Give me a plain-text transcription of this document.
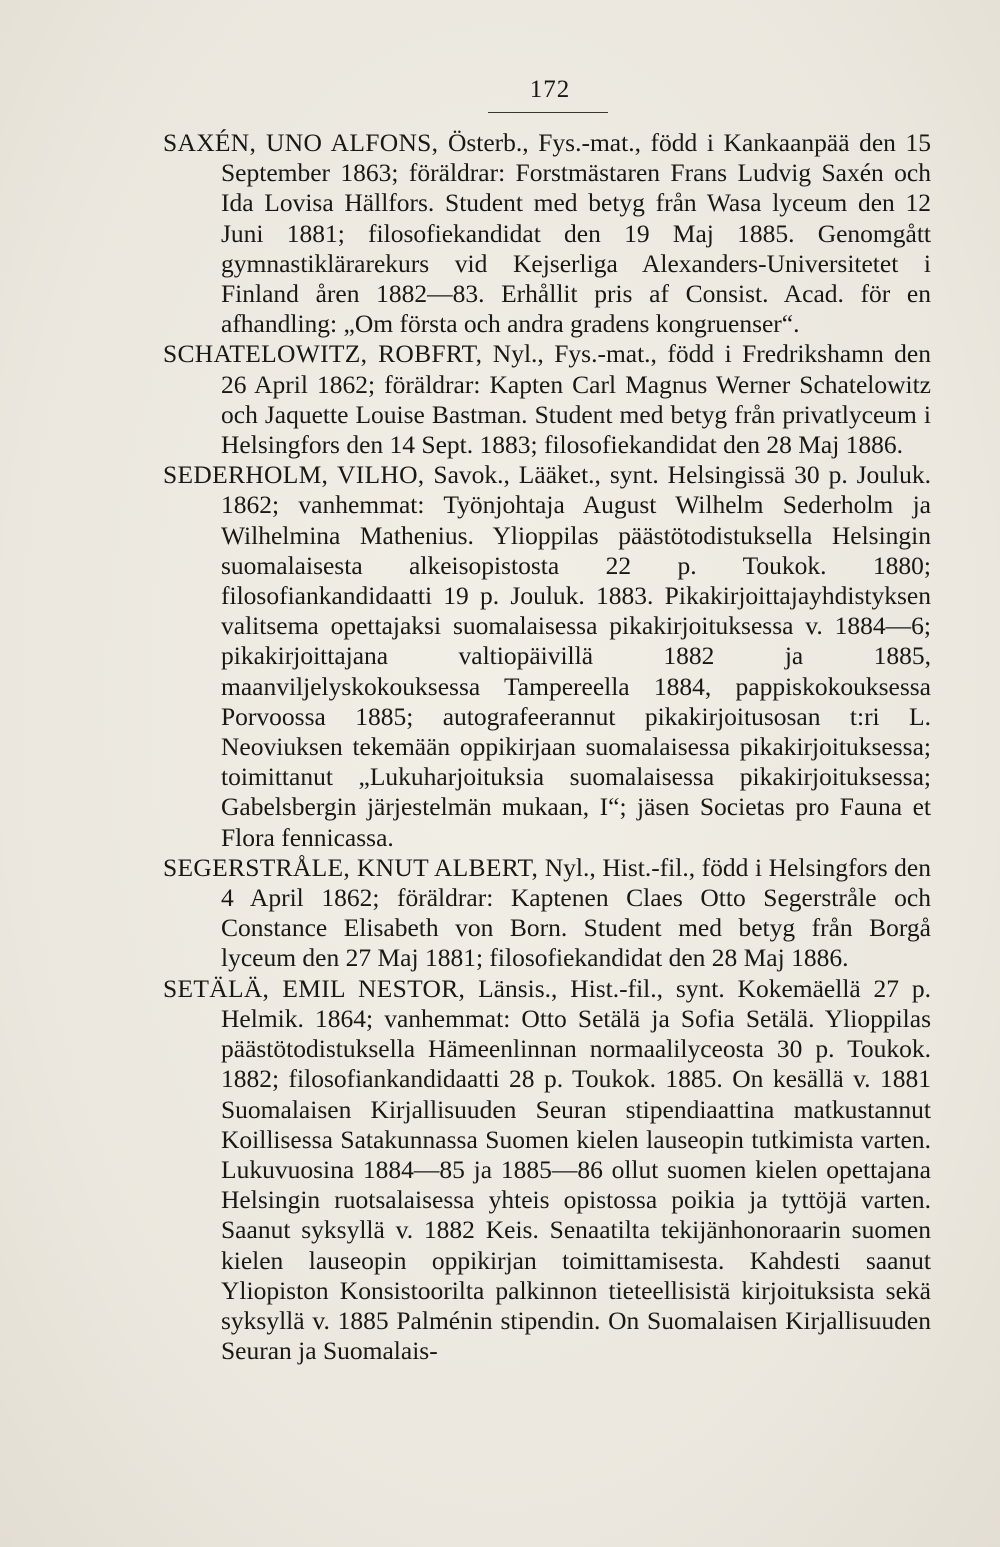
172

SAXÉN, UNO ALFONS, Österb., Fys.-mat., född i Kankaanpää den 15 September 1863; föräldrar: Forstmästaren Frans Ludvig Saxén och Ida Lovisa Hällfors. Student med betyg från Wasa lyceum den 12 Juni 1881; filosofiekandidat den 19 Maj 1885. Genomgått gymnastiklärarekurs vid Kejserliga Alexanders-Universitetet i Finland åren 1882—83. Erhållit pris af Consist. Acad. för en afhandling: „Om första och andra gradens kongruenser“.

SCHATELOWITZ, ROBFRT, Nyl., Fys.-mat., född i Fredrikshamn den 26 April 1862; föräldrar: Kapten Carl Magnus Werner Schatelowitz och Jaquette Louise Bastman. Student med betyg från privatlyceum i Helsingfors den 14 Sept. 1883; filosofiekandidat den 28 Maj 1886.

SEDERHOLM, VILHO, Savok., Lääket., synt. Helsingissä 30 p. Jouluk. 1862; vanhemmat: Työnjohtaja August Wilhelm Sederholm ja Wilhelmina Mathenius. Ylioppilas päästötodistuksella Helsingin suomalaisesta alkeisopistosta 22 p. Toukok. 1880; filosofiankandidaatti 19 p. Jouluk. 1883. Pikakirjoittajayhdistyksen valitsema opettajaksi suomalaisessa pikakirjoituksessa v. 1884—6; pikakirjoittajana valtiopäivillä 1882 ja 1885, maanviljelyskokouksessa Tampereella 1884, pappiskokouksessa Porvoossa 1885; autografeerannut pikakirjoitusosan t:ri L. Neoviuksen tekemään oppikirjaan suomalaisessa pikakirjoituksessa; toimittanut „Lukuharjoituksia suomalaisessa pikakirjoituksessa; Gabelsbergin järjestelmän mukaan, I“; jäsen Societas pro Fauna et Flora fennicassa.

SEGERSTRÅLE, KNUT ALBERT, Nyl., Hist.-fil., född i Helsingfors den 4 April 1862; föräldrar: Kaptenen Claes Otto Segerstråle och Constance Elisabeth von Born. Student med betyg från Borgå lyceum den 27 Maj 1881; filosofiekandidat den 28 Maj 1886.

SETÄLÄ, EMIL NESTOR, Länsis., Hist.-fil., synt. Kokemäellä 27 p. Helmik. 1864; vanhemmat: Otto Setälä ja Sofia Setälä. Ylioppilas päästötodistuksella Hämeenlinnan normaalilyceosta 30 p. Toukok. 1882; filosofiankandidaatti 28 p. Toukok. 1885. On kesällä v. 1881 Suomalaisen Kirjallisuuden Seuran stipendiaattina matkustannut Koillisessa Satakunnassa Suomen kielen lauseopin tutkimista varten. Lukuvuosina 1884—85 ja 1885—86 ollut suomen kielen opettajana Helsingin ruotsalaisessa yhteis opistossa poikia ja tyttöjä varten. Saanut syksyllä v. 1882 Keis. Senaatilta tekijänhonoraarin suomen kielen lauseopin oppikirjan toimittamisesta. Kahdesti saanut Yliopiston Konsistoorilta palkinnon tieteellisistä kirjoituksista sekä syksyllä v. 1885 Palménin stipendin. On Suomalaisen Kirjallisuuden Seuran ja Suomalais-
